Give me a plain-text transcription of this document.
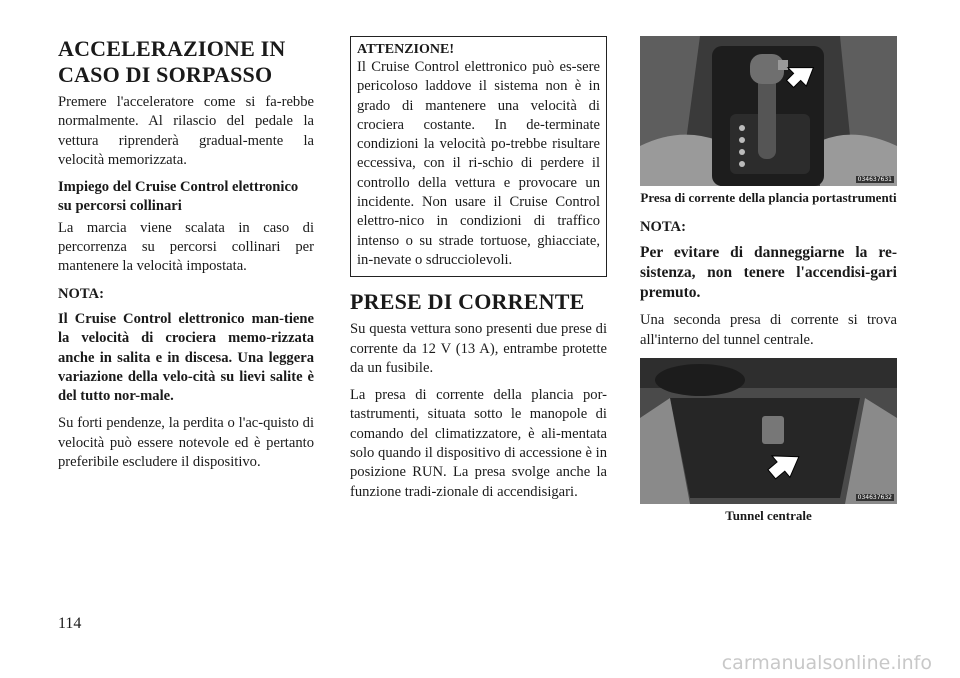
ACCELERAZIONE IN CASO DI SORPASSO

Premere l'acceleratore come si fa-rebbe normalmente. Al rilascio del pedale la vettura riprenderà gradual-mente la velocità memorizzata.

Impiego del Cruise Control elettronico su percorsi collinari

La marcia viene scalata in caso di percorrenza su percorsi collinari per mantenere la velocità impostata.

NOTA:

Il Cruise Control elettronico man-tiene la velocità di crociera memo-rizzata anche in salita e in discesa. Una leggera variazione della velo-cità su lievi salite è del tutto nor-male.

Su forti pendenze, la perdita o l'ac-quisto di velocità può essere notevole ed è pertanto preferibile escludere il dispositivo.

ATTENZIONE!

Il Cruise Control elettronico può es-sere pericoloso laddove il sistema non è in grado di mantenere una velocità di crociera costante. In de-terminate condizioni la velocità po-trebbe risultare eccessiva, con il ri-schio di perdere il controllo della vettura e provocare un incidente. Non usare il Cruise Control elettro-nico in condizioni di traffico intenso o su strade tortuose, ghiacciate, in-nevate o sdrucciolevoli.

PRESE DI CORRENTE

Su questa vettura sono presenti due prese di corrente da 12 V (13 A), entrambe protette da un fusibile.

La presa di corrente della plancia por-tastrumenti, situata sotto le manopole di comando del climatizzatore, è ali-mentata solo quando il dispositivo di accessione è in posizione RUN. La presa svolge anche la funzione tradi-zionale di accendisigari.

034637631

Presa di corrente della plancia portastrumenti

NOTA:

Per evitare di danneggiarne la re-sistenza, non tenere l'accendisi-gari premuto.

Una seconda presa di corrente si trova all'interno del tunnel centrale.

034637632

Tunnel centrale

114
carmanualsonline.info
